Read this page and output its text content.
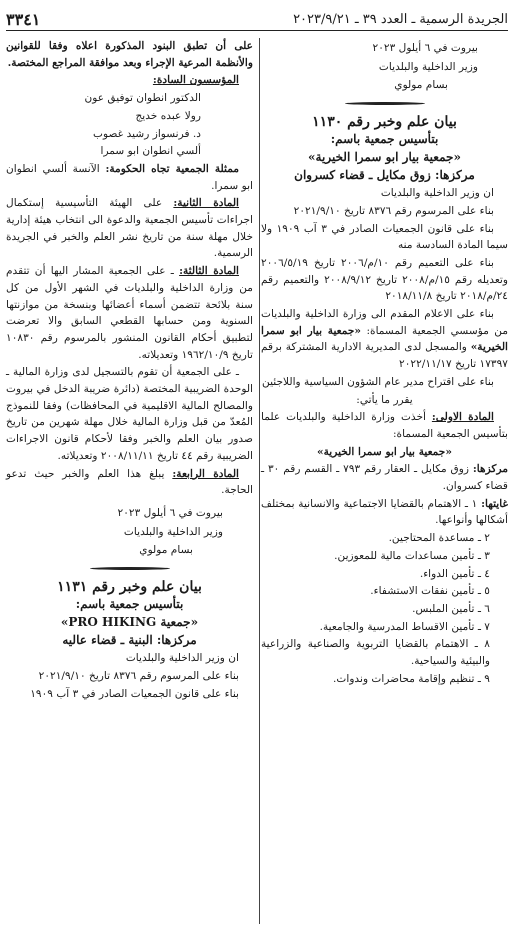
الجريدة الرسمية ـ العدد ٣٩ ـ ٢٠٢٣/٩/٢١
٣٣٤١

بيروت في ٦ أيلول ٢٠٢٣

وزير الداخلية والبلديات

بسام مولوي

بيان علم وخبر رقم ١١٣٠

بتأسيس جمعية باسم:

«جمعية بيار ابو سمرا الخيرية»

مركزها: زوق مكايل ـ قضاء كسروان

ان وزير الداخلية والبلديات

بناء على المرسوم رقم ٨٣٧٦ تاريخ ٢٠٢١/٩/١٠

بناء على قانون الجمعيات الصادر في ٣ آب ١٩٠٩ ولا سيما المادة السادسة منه

بناء على التعميم رقم ١٠/م/٢٠٠٦ تاريخ ٢٠٠٦/٥/١٩ وتعديله رقم ١٥/م/٢٠٠٨ تاريخ ٢٠٠٨/٩/١٢ والتعميم رقم ٢٤/م/٢٠١٨ تاريخ ٢٠١٨/١١/٨

بناء على الاعلام المقدم الى وزارة الداخلية والبلديات من مؤسسي الجمعية المسماة: «جمعية بيار ابو سمرا الخيرية» والمسجل لدى المديرية الادارية المشتركة برقم ١٧٣٩٧ تاريخ ٢٠٢٢/١١/١٧

بناء على اقتراح مدير عام الشؤون السياسية واللاجئين

يقرر ما يأتي:

المادة الاولى: أخذت وزارة الداخلية والبلديات علما بتأسيس الجمعية المسماة:

«جمعية بيار ابو سمرا الخيرية»

مركزها: زوق مكايل ـ العقار رقم ٧٩٣ ـ القسم رقم ٣٠ ـ قضاء كسروان.

غايتها: ١ ـ الاهتمام بالقضايا الاجتماعية والانسانية بمختلف أشكالها وأنواعها.

٢ ـ مساعدة المحتاجين.

٣ ـ تأمين مساعدات مالية للمعوزين.

٤ ـ تأمين الدواء.

٥ ـ تأمين نفقات الاستشفاء.

٦ ـ تأمين الملبس.

٧ ـ تأمين الاقساط المدرسية والجامعية.

٨ ـ الاهتمام بالقضايا التربوية والصناعية والزراعية والبيئية والسياحية.

٩ ـ تنظيم وإقامة محاضرات وندوات.

على أن تطبق البنود المذكورة اعلاه وفقا للقوانين والأنظمة المرعية الإجراء وبعد موافقة المراجع المختصة.

المؤسسون السادة:

الدكتور انطوان توفيق عون

رولا عبده خديج

د. فرنسواز رشيد غصوب

ألسي انطوان ابو سمرا

ممثلة الجمعية تجاه الحكومة: الآنسة ألسي انطوان ابو سمرا.

المادة الثانية: على الهيئة التأسيسية إستكمال اجراءات تأسيس الجمعية والدعوة الى انتخاب هيئة إدارية خلال مهلة سنة من تاريخ نشر العلم والخبر في الجريدة الرسمية.

المادة الثالثة: ـ على الجمعية المشار اليها أن تتقدم من وزارة الداخلية والبلديات في الشهر الأول من كل سنة بلائحة تتضمن أسماء أعضائها وبنسخة من موازنتها السنوية ومن حسابها القطعي السابق والا تعرضت لتطبيق أحكام القانون المنشور بالمرسوم رقم ١٠٨٣٠ تاريخ ١٩٦٢/١٠/٩ وتعديلاته.

ـ على الجمعية أن تقوم بالتسجيل لدى وزارة المالية ـ الوحدة الضريبية المختصة (دائرة ضريبة الدخل في بيروت والمصالح المالية الاقليمية في المحافظات) وفقا للنموذج المُعدّ من قبل وزارة المالية خلال مهلة شهرين من تاريخ صدور بيان العلم والخبر وفقا لأحكام قانون الاجراءات الضريبية رقم ٤٤ تاريخ ٢٠٠٨/١١/١١ وتعديلاته.

المادة الرابعة: يبلغ هذا العلم والخبر حيث تدعو الحاجة.

بيروت في ٦ أيلول ٢٠٢٣

وزير الداخلية والبلديات

بسام مولوي

بيان علم وخبر رقم ١١٣١

بتأسيس جمعية باسم:

«جمعية PRO HIKING»

مركزها: البنية ـ قضاء عاليه

ان وزير الداخلية والبلديات

بناء على المرسوم رقم ٨٣٧٦ تاريخ ٢٠٢١/٩/١٠

بناء على قانون الجمعيات الصادر في ٣ آب ١٩٠٩
